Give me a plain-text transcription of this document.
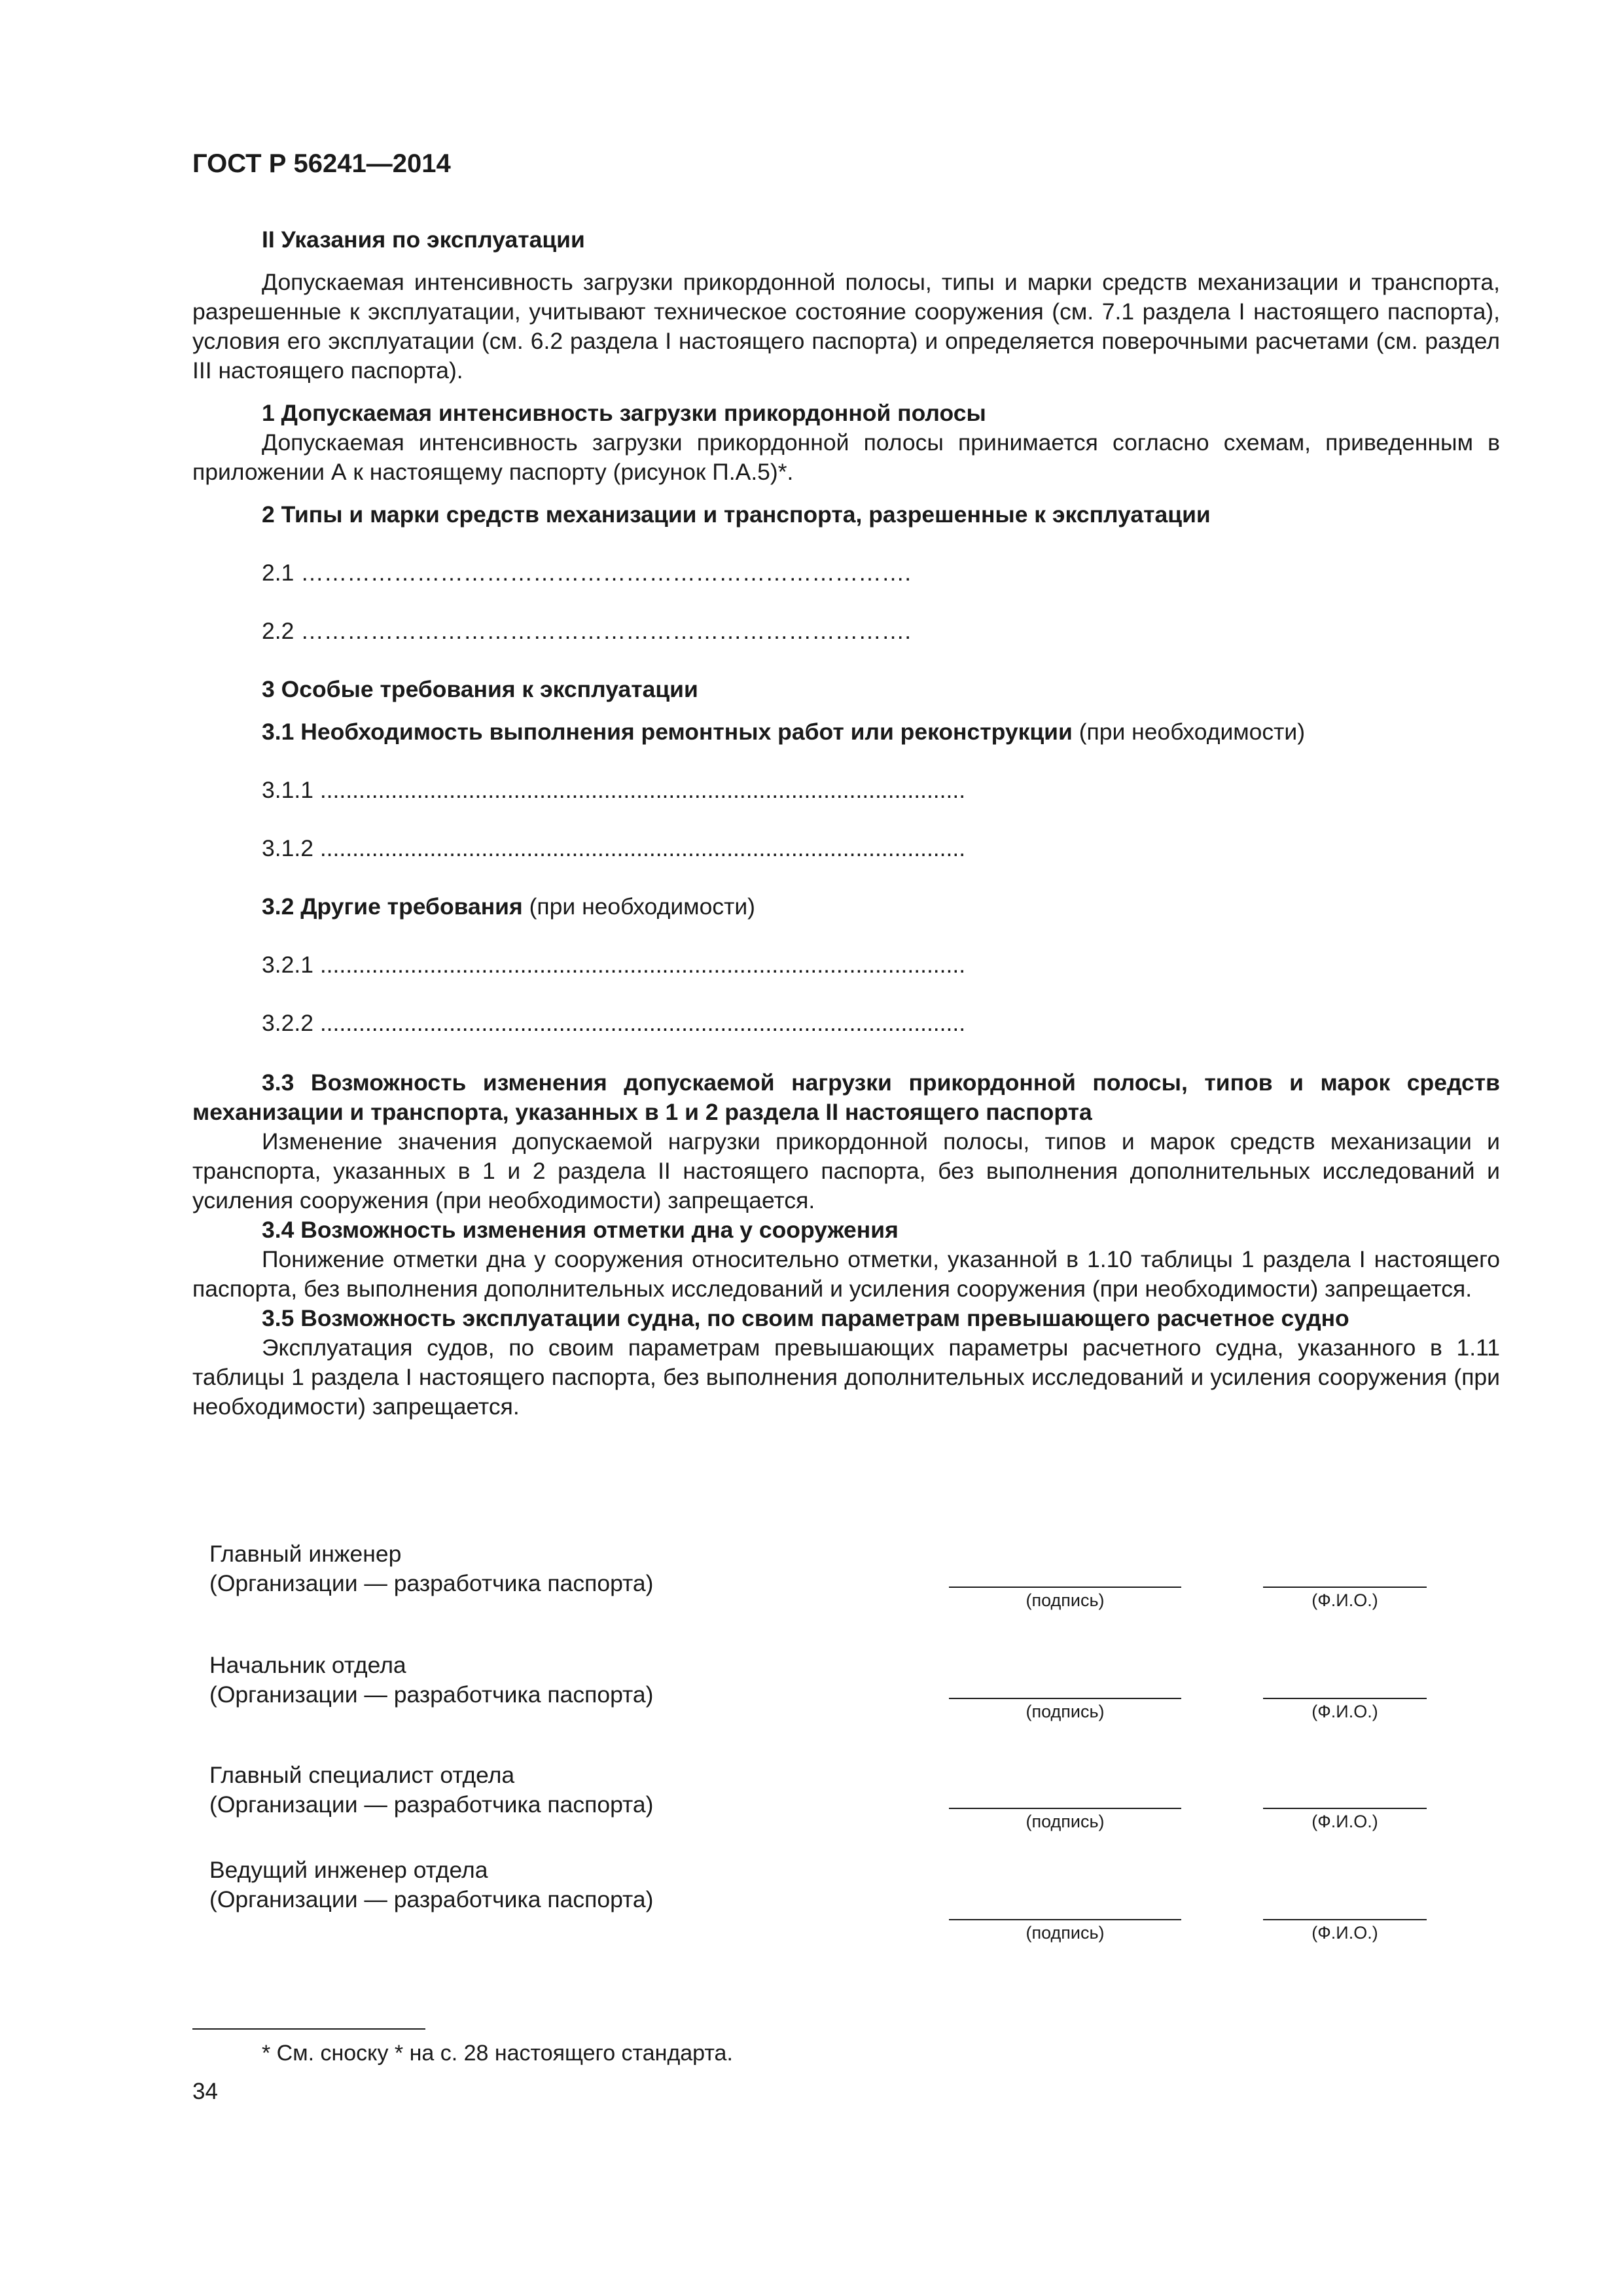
ГОСТ Р 56241—2014

II Указания по эксплуатации

Допускаемая интенсивность загрузки прикордонной полосы, типы и марки средств механизации и транспорта, разрешенные к эксплуатации, учитывают техническое состояние сооружения (см. 7.1 раздела I настоящего паспорта), условия его эксплуатации (см. 6.2 раздела I настоящего паспорта) и определяется поверочными расчетами (см. раздел III настоящего паспорта).

1 Допускаемая интенсивность загрузки прикордонной полосы

Допускаемая интенсивность загрузки прикордонной полосы принимается согласно схемам, приведенным в приложении А к настоящему паспорту (рисунок П.А.5)*.

2 Типы и марки средств механизации и транспорта, разрешенные к эксплуатации

2.1 …………………………………………………………………….

2.2 …………………………………………………………………….

3 Особые требования к эксплуатации

3.1 Необходимость выполнения ремонтных работ или реконструкции (при необходимости)

3.1.1 ....................................................................................................

3.1.2 ....................................................................................................

3.2 Другие требования (при необходимости)

3.2.1 ....................................................................................................

3.2.2 ....................................................................................................

3.3 Возможность изменения допускаемой нагрузки прикордонной полосы, типов и марок средств механизации и транспорта, указанных в 1 и 2 раздела II настоящего паспорта

Изменение значения допускаемой нагрузки прикордонной полосы, типов и марок средств механизации и транспорта, указанных в 1 и 2 раздела II настоящего паспорта, без выполнения дополнительных исследований и усиления сооружения (при необходимости) запрещается.

3.4 Возможность изменения отметки дна у сооружения

Понижение отметки дна у сооружения относительно отметки, указанной в 1.10 таблицы 1 раздела I настоящего паспорта, без выполнения дополнительных исследований и усиления сооружения (при необходимости) запрещается.

3.5 Возможность эксплуатации судна, по своим параметрам превышающего расчетное судно

Эксплуатация судов, по своим параметрам превышающих параметры расчетного судна, указанного в 1.11 таблицы 1 раздела I настоящего паспорта, без выполнения дополнительных исследований и усиления сооружения (при необходимости) запрещается.

Главный инженер
(Организации — разработчика паспорта)
(подпись)	(Ф.И.О.)
Начальник отдела
(Организации — разработчика паспорта)
(подпись)	(Ф.И.О.)
Главный специалист отдела
(Организации — разработчика паспорта)
(подпись)	(Ф.И.О.)
Ведущий инженер отдела
(Организации — разработчика паспорта)
(подпись)	(Ф.И.О.)
* См. сноску * на с. 28 настоящего стандарта.
34
